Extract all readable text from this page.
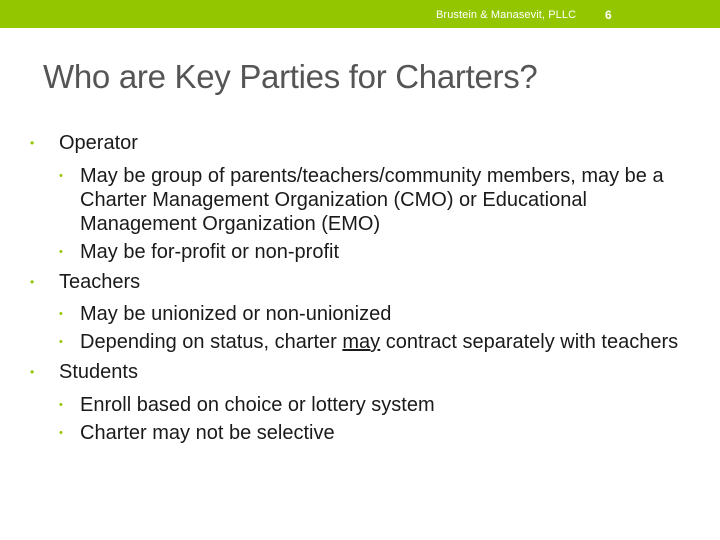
Brustein & Manasevit, PLLC 6
Who are Key Parties for Charters?
• Operator
• May be group of parents/teachers/community members, may be a Charter Management Organization (CMO) or Educational Management Organization (EMO)
• May be for-profit or non-profit
• Teachers
• May be unionized or non-unionized
• Depending on status, charter may contract separately with teachers
• Students
• Enroll based on choice or lottery system
• Charter may not be selective
